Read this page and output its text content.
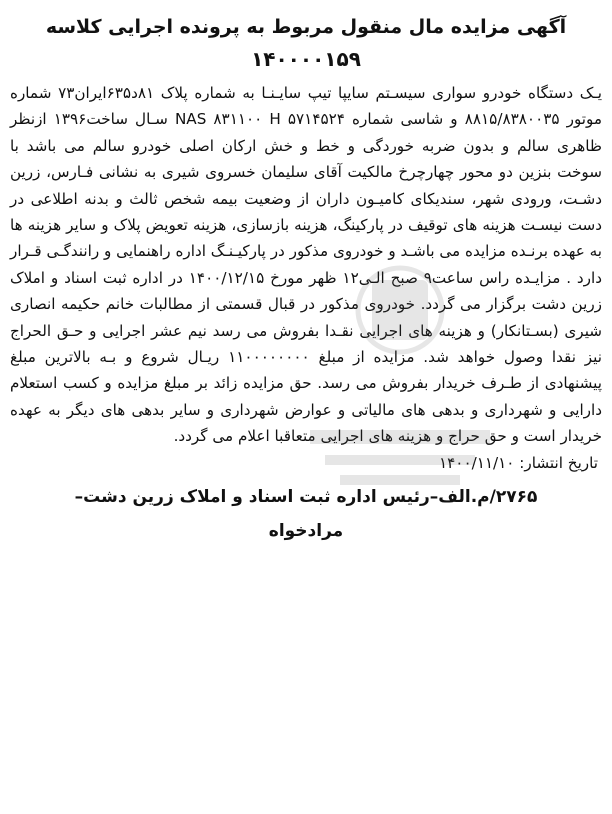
آگهی مزایده مال منقول مربوط به پرونده اجرایی کلاسه
۱۴۰۰۰۰۱۵۹

یـک دستگاه خودرو سواری سیسـتم سایپا تیپ سایـنـا به شماره پلاک ۸۱د۶۳۵ایران۷۳ شماره موتور ۸۸۱۵/۸۳۸۰۰۳۵ و شاسی شماره NAS ۸۳۱۱۰۰ H ۵۷۱۴۵۲۴ سـال ساخت۱۳۹۶ ازنظر ظاهری سالم و بدون ضربه خوردگی و خط و خش ارکان اصلی خودرو سالم می باشد با سوخت بنزین دو محور چهارچرخ مالکیت آقای سلیمان خسروی شیری به نشانی فـارس، زرین دشـت، ورودی شهر، سندیکای کامیـون داران از وضعیت بیمه شخص ثالث و بدنه اطلاعی در دست نیسـت هزینه های توقیف در پارکینگ، هزینه بازسازی، هزینه تعویض پلاک و سایر هزینه ها به عهده برنـده مزایده می باشـد و خودروی مذکور در پارکیـنـگ اداره راهنمایی و رانندگـی قـرار دارد . مزایـده راس ساعت۹ صبح الـی۱۲ ظهر مورخ ۱۴۰۰/۱۲/۱۵ در اداره ثبت اسناد و املاک زرین دشت برگزار می گردد. خودروی مذکور در قبال قسمتی از مطالبات خانم حکیمه انصاری شیری (بسـتانکار) و هزینه های اجرایی نقـدا بفروش می رسد نیم عشر اجرایی و حـق الحراج نیز نقدا وصول خواهد شد. مزایده از مبلغ ۱۱۰۰۰۰۰۰۰۰ ریـال شروع و بـه بالاترین مبلغ پیشنهادی از طـرف خریدار بفروش می رسد. حق مزایده زائد بر مبلغ مزایده و کسب استعلام دارایی و شهرداری و بدهی های مالیاتی و عوارض شهرداری و سایر بدهی های دیگر به عهده خریدار است و حق حراج و هزینه های اجرایی متعاقبا اعلام می گردد.

تاریخ انتشار: ۱۴۰۰/۱۱/۱۰

۲۷۶۵/م.الف–رئیس اداره ثبت اسناد و املاک زرین دشت–
مرادخواه
